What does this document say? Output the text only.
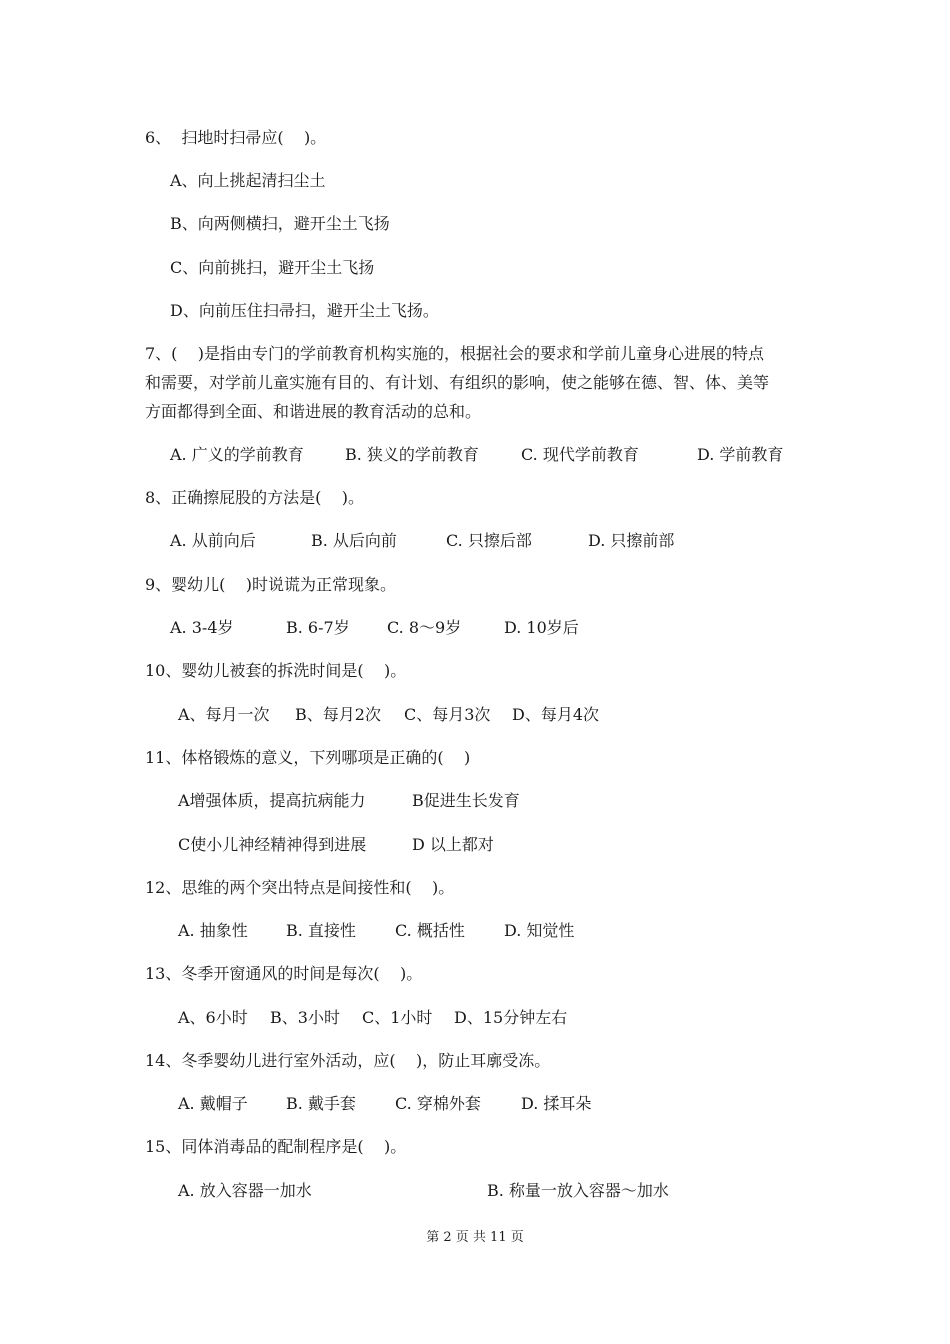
6、  扫地时扫帚应(    )。
A、向上挑起清扫尘土
B、向两侧横扫，避开尘土飞扬
C、向前挑扫，避开尘土飞扬
D、向前压住扫帚扫，避开尘土飞扬。
7、(    )是指由专门的学前教育机构实施的，根据社会的要求和学前儿童身心进展的特点
和需要，对学前儿童实施有目的、有计划、有组织的影响，使之能够在德、智、体、美等
方面都得到全面、和谐进展的教育活动的总和。
A. 广义的学前教育	B. 狭义的学前教育	C. 现代学前教育	D. 学前教育
8、正确擦屁股的方法是(    )。
A. 从前向后	B. 从后向前	C. 只擦后部	D. 只擦前部
9、婴幼儿(    )时说谎为正常现象。
A. 3-4岁	B. 6-7岁 C. 8～9岁	D. 10岁后
10、婴幼儿被套的拆洗时间是(    )。
A、每月一次 B、每月2次 C、每月3次 D、每月4次
11、体格锻炼的意义，下列哪项是正确的(    )
A增强体质，提高抗病能力	B促进生长发育
C使小儿神经精神得到进展	D 以上都对
12、思维的两个突出特点是间接性和(    )。
A. 抽象性 B. 直接性 C. 概括性 D. 知觉性
13、冬季开窗通风的时间是每次(    )。
A、6小时 B、3小时 C、1小时 D、15分钟左右
14、冬季婴幼儿进行室外活动，应(    )，防止耳廓受冻。
A. 戴帽子 B. 戴手套 C. 穿棉外套	D. 揉耳朵
15、同体消毒品的配制程序是(    )。
A. 放入容器一加水	B. 称量一放入容器～加水
第 2 页 共 11 页
